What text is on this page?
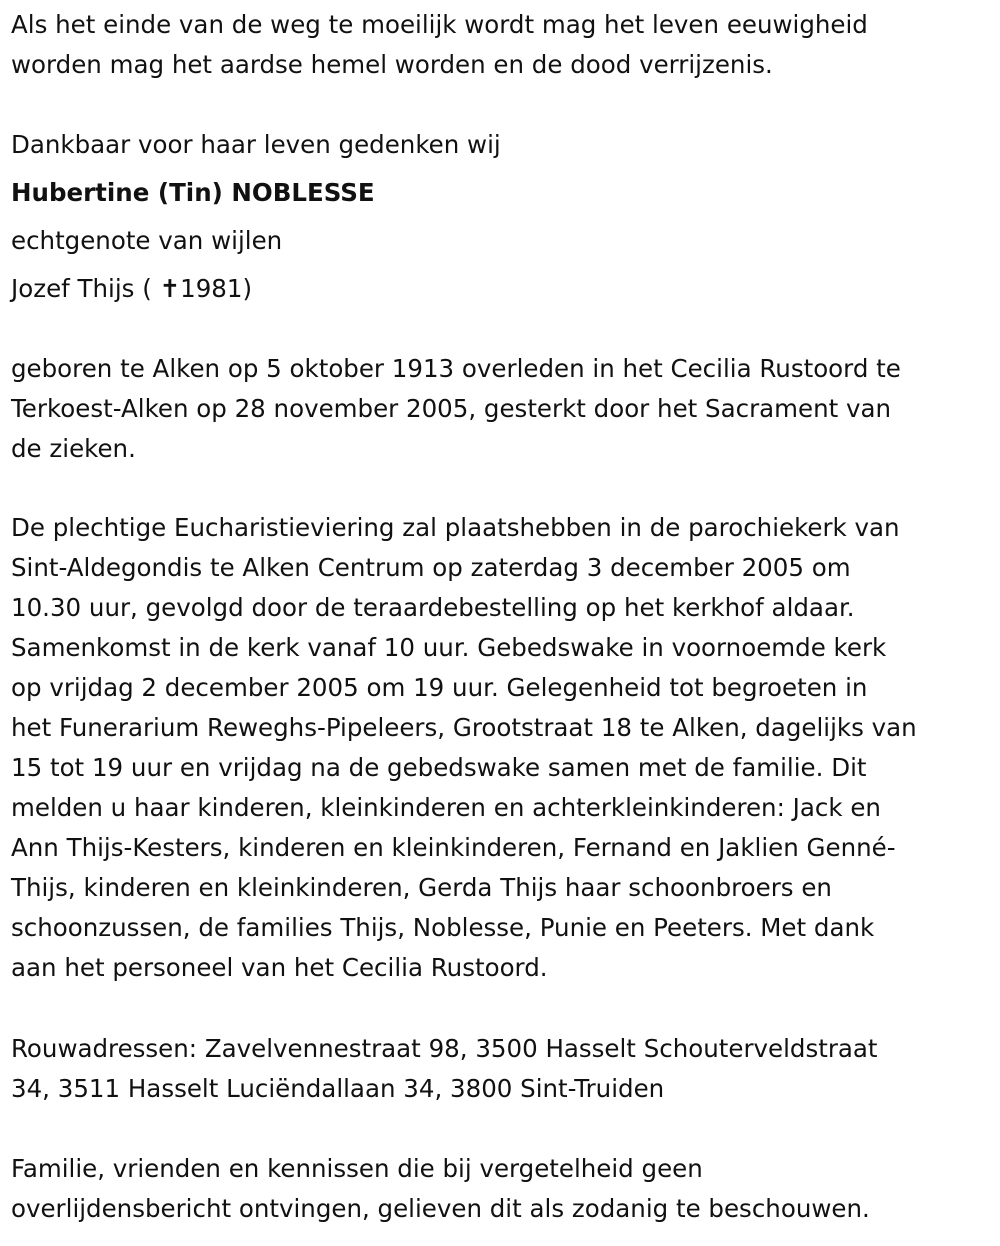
Als het einde van de weg te moeilijk wordt mag het leven eeuwigheid

worden mag het aardse hemel worden en de dood verrijzenis.

Dankbaar voor haar leven gedenken wij

Hubertine (Tin) NOBLESSE

echtgenote van wijlen

Jozef Thijs ( ✝1981)

geboren te Alken op 5 oktober 1913 overleden in het Cecilia Rustoord te

Terkoest-Alken op 28 november 2005, gesterkt door het Sacrament van

de zieken.

De plechtige Eucharistieviering zal plaatshebben in de parochiekerk van

Sint-Aldegondis te Alken Centrum op zaterdag 3 december 2005 om

10.30 uur, gevolgd door de teraardebestelling op het kerkhof aldaar.

Samenkomst in de kerk vanaf 10 uur. Gebedswake in voornoemde kerk

op vrijdag 2 december 2005 om 19 uur. Gelegenheid tot begroeten in

het Funerarium Reweghs-Pipeleers, Grootstraat 18 te Alken, dagelijks van

15 tot 19 uur en vrijdag na de gebedswake samen met de familie. Dit

melden u haar kinderen, kleinkinderen en achterkleinkinderen: Jack en

Ann Thijs-Kesters, kinderen en kleinkinderen, Fernand en Jaklien Genné-

Thijs, kinderen en kleinkinderen, Gerda Thijs haar schoonbroers en

schoonzussen, de families Thijs, Noblesse, Punie en Peeters. Met dank

aan het personeel van het Cecilia Rustoord.

Rouwadressen: Zavelvennestraat 98, 3500 Hasselt Schouterveldstraat

34, 3511 Hasselt Luciëndallaan 34, 3800 Sint-Truiden

Familie, vrienden en kennissen die bij vergetelheid geen

overlijdensbericht ontvingen, gelieven dit als zodanig te beschouwen.
